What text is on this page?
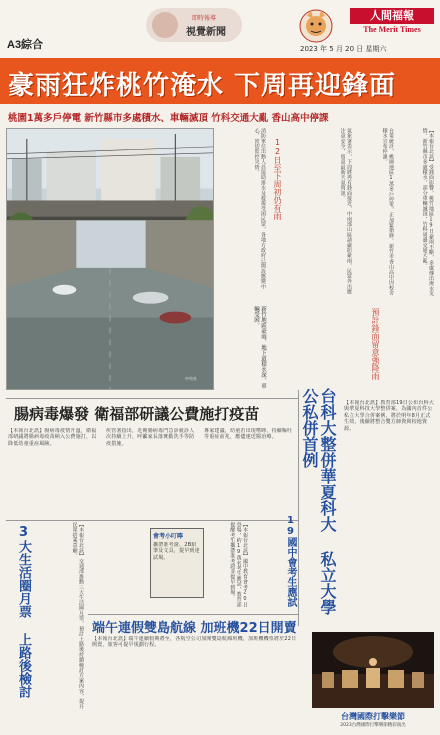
A3綜合
即時報導
視覺新聞
人間福報
The Merit Times
2023 年 5 月 20 日 星期六
豪雨狂炸桃竹淹水 下周再迎鋒面
桃園1萬多戶停電 新竹縣市多處積水、車輛滅頂 竹科交通大亂 香山高中停課
中央社
【本報台北訊】受鋒面影響，桃竹地區19日豪雨不斷，多處傳出淹水災情。新竹縣市多處積水，部分車輛滅頂，竹科周邊交通大亂。
台電統計，桃園地區1萬多戶停電，正加緊搶修。新竹市香山高中因校舍積水宣布停課。
氣象署表示，下周將再有鋒面接近，中南部山區請嚴防豪雨，民眾外出應注意安全，留意最新天氣資訊。
消防單位出動人員協助排水及救援受困民眾，各地方政府已開設應變中心，密切監控災情。	12日至下周初仍有雨
預計鋒面留意強降雨
新竹地區豪雨，地下道積水深，車輛受困。
腸病毒爆發 衛福部研議公費施打疫苗
【本報台北訊】腸病毒疫情升溫，衛福部研議將腸病毒疫苗納入公費施打，以降低幼童重症風險。
疾管署指出，近期腸病毒門急診就診人次持續上升，呼籲家長落實勤洗手等防疫措施。
專家建議，幼童若出現嗜睡、持續嘔吐等重症前兆，應儘速送醫治療。	台科大整併華夏科大 私立大學公私併首例	【本報台北訊】教育部19日公布台科大與華夏科技大學整併案，為國內首件公私立大學合併案例，將於明年8月正式生效，後續將整合雙方師資與校地資源。
3大生活圈月票 上路後檢討	【本報台北訊】交通部推動三大生活圈月票，預計上路後持續檢討方案內容，提升民眾搭乘意願。	【本報台北訊】國中教育會考20日登場，約19萬名考生應試，教育部提醒考生攜帶准考證並提早到場。
會考小叮嚀
攜帶准考證、2B鉛筆及文具，提早到達試場。	19國中會考生應試
端午連假雙島航線 加班機22日開賣
【本報台北訊】端午連續假期將至，各航空公司加開雙島航線班機，加班機機票將於22日開賣，旅客可提早規劃行程。
台灣國際打擊樂節
2023台灣國際打擊樂節精彩演出
